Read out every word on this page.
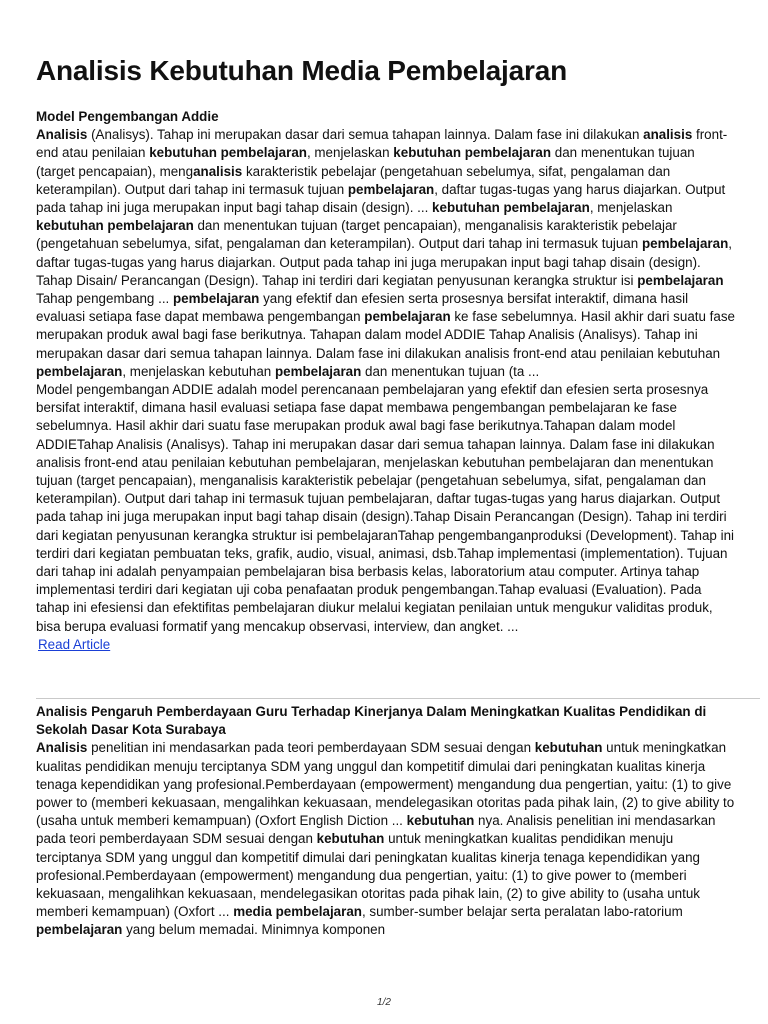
Analisis Kebutuhan Media Pembelajaran
Model Pengembangan Addie

Analisis (Analisys). Tahap ini merupakan dasar dari semua tahapan lainnya. Dalam fase ini dilakukan analisis front-end atau penilaian kebutuhan pembelajaran, menjelaskan kebutuhan pembelajaran dan menentukan tujuan (target pencapaian), menganalisis karakteristik pebelajar (pengetahuan sebelumya, sifat, pengalaman dan keterampilan). Output dari tahap ini termasuk tujuan pembelajaran, daftar tugas-tugas yang harus diajarkan. Output pada tahap ini juga merupakan input bagi tahap disain (design). ... kebutuhan pembelajaran, menjelaskan kebutuhan pembelajaran dan menentukan tujuan (target pencapaian), menganalisis karakteristik pebelajar (pengetahuan sebelumya, sifat, pengalaman dan keterampilan). Output dari tahap ini termasuk tujuan pembelajaran, daftar tugas-tugas yang harus diajarkan. Output pada tahap ini juga merupakan input bagi tahap disain (design). Tahap Disain/ Perancangan (Design). Tahap ini terdiri dari kegiatan penyusunan kerangka struktur isi pembelajaran Tahap pengembang ... pembelajaran yang efektif dan efesien serta prosesnya bersifat interaktif, dimana hasil evaluasi setiapa fase dapat membawa pengembangan pembelajaran ke fase sebelumnya. Hasil akhir dari suatu fase merupakan produk awal bagi fase berikutnya. Tahapan dalam model ADDIE Tahap Analisis (Analisys). Tahap ini merupakan dasar dari semua tahapan lainnya. Dalam fase ini dilakukan analisis front-end atau penilaian kebutuhan pembelajaran, menjelaskan kebutuhan pembelajaran dan menentukan tujuan (ta ...

Model pengembangan ADDIE adalah model perencanaan pembelajaran yang efektif dan efesien serta prosesnya bersifat interaktif, dimana hasil evaluasi setiapa fase dapat membawa pengembangan pembelajaran ke fase sebelumnya. Hasil akhir dari suatu fase merupakan produk awal bagi fase berikutnya.Tahapan dalam model ADDIETahap Analisis (Analisys). Tahap ini merupakan dasar dari semua tahapan lainnya. Dalam fase ini dilakukan analisis front-end atau penilaian kebutuhan pembelajaran, menjelaskan kebutuhan pembelajaran dan menentukan tujuan (target pencapaian), menganalisis karakteristik pebelajar (pengetahuan sebelumya, sifat, pengalaman dan keterampilan). Output dari tahap ini termasuk tujuan pembelajaran, daftar tugas-tugas yang harus diajarkan. Output pada tahap ini juga merupakan input bagi tahap disain (design).Tahap Disain Perancangan (Design). Tahap ini terdiri dari kegiatan penyusunan kerangka struktur isi pembelajaranTahap pengembanganproduksi (Development). Tahap ini terdiri dari kegiatan pembuatan teks, grafik, audio, visual, animasi, dsb.Tahap implementasi (implementation). Tujuan dari tahap ini adalah penyampaian pembelajaran bisa berbasis kelas, laboratorium atau computer. Artinya tahap implementasi terdiri dari kegiatan uji coba penafaatan produk pengembangan.Tahap evaluasi (Evaluation). Pada tahap ini efesiensi dan efektifitas pembelajaran diukur melalui kegiatan penilaian untuk mengukur validitas produk, bisa berupa evaluasi formatif yang mencakup observasi, interview, dan angket. ...

Read Article
Analisis Pengaruh Pemberdayaan Guru Terhadap Kinerjanya Dalam Meningkatkan Kualitas Pendidikan di Sekolah Dasar Kota Surabaya

Analisis penelitian ini mendasarkan pada teori pemberdayaan SDM sesuai dengan kebutuhan untuk meningkatkan kualitas pendidikan menuju terciptanya SDM yang unggul dan kompetitif dimulai dari peningkatan kualitas kinerja tenaga kependidikan yang profesional.Pemberdayaan (empowerment) mengandung dua pengertian, yaitu: (1) to give power to (memberi kekuasaan, mengalihkan kekuasaan, mendelegasikan otoritas pada pihak lain, (2) to give ability to (usaha untuk memberi kemampuan) (Oxfort English Diction ... kebutuhan nya. Analisis penelitian ini mendasarkan pada teori pemberdayaan SDM sesuai dengan kebutuhan untuk meningkatkan kualitas pendidikan menuju terciptanya SDM yang unggul dan kompetitif dimulai dari peningkatan kualitas kinerja tenaga kependidikan yang profesional.Pemberdayaan (empowerment) mengandung dua pengertian, yaitu: (1) to give power to (memberi kekuasaan, mengalihkan kekuasaan, mendelegasikan otoritas pada pihak lain, (2) to give ability to (usaha untuk memberi kemampuan) (Oxfort ... media pembelajaran, sumber-sumber belajar serta peralatan labo-ratorium pembelajaran yang belum memadai. Minimnya komponen

1/2
